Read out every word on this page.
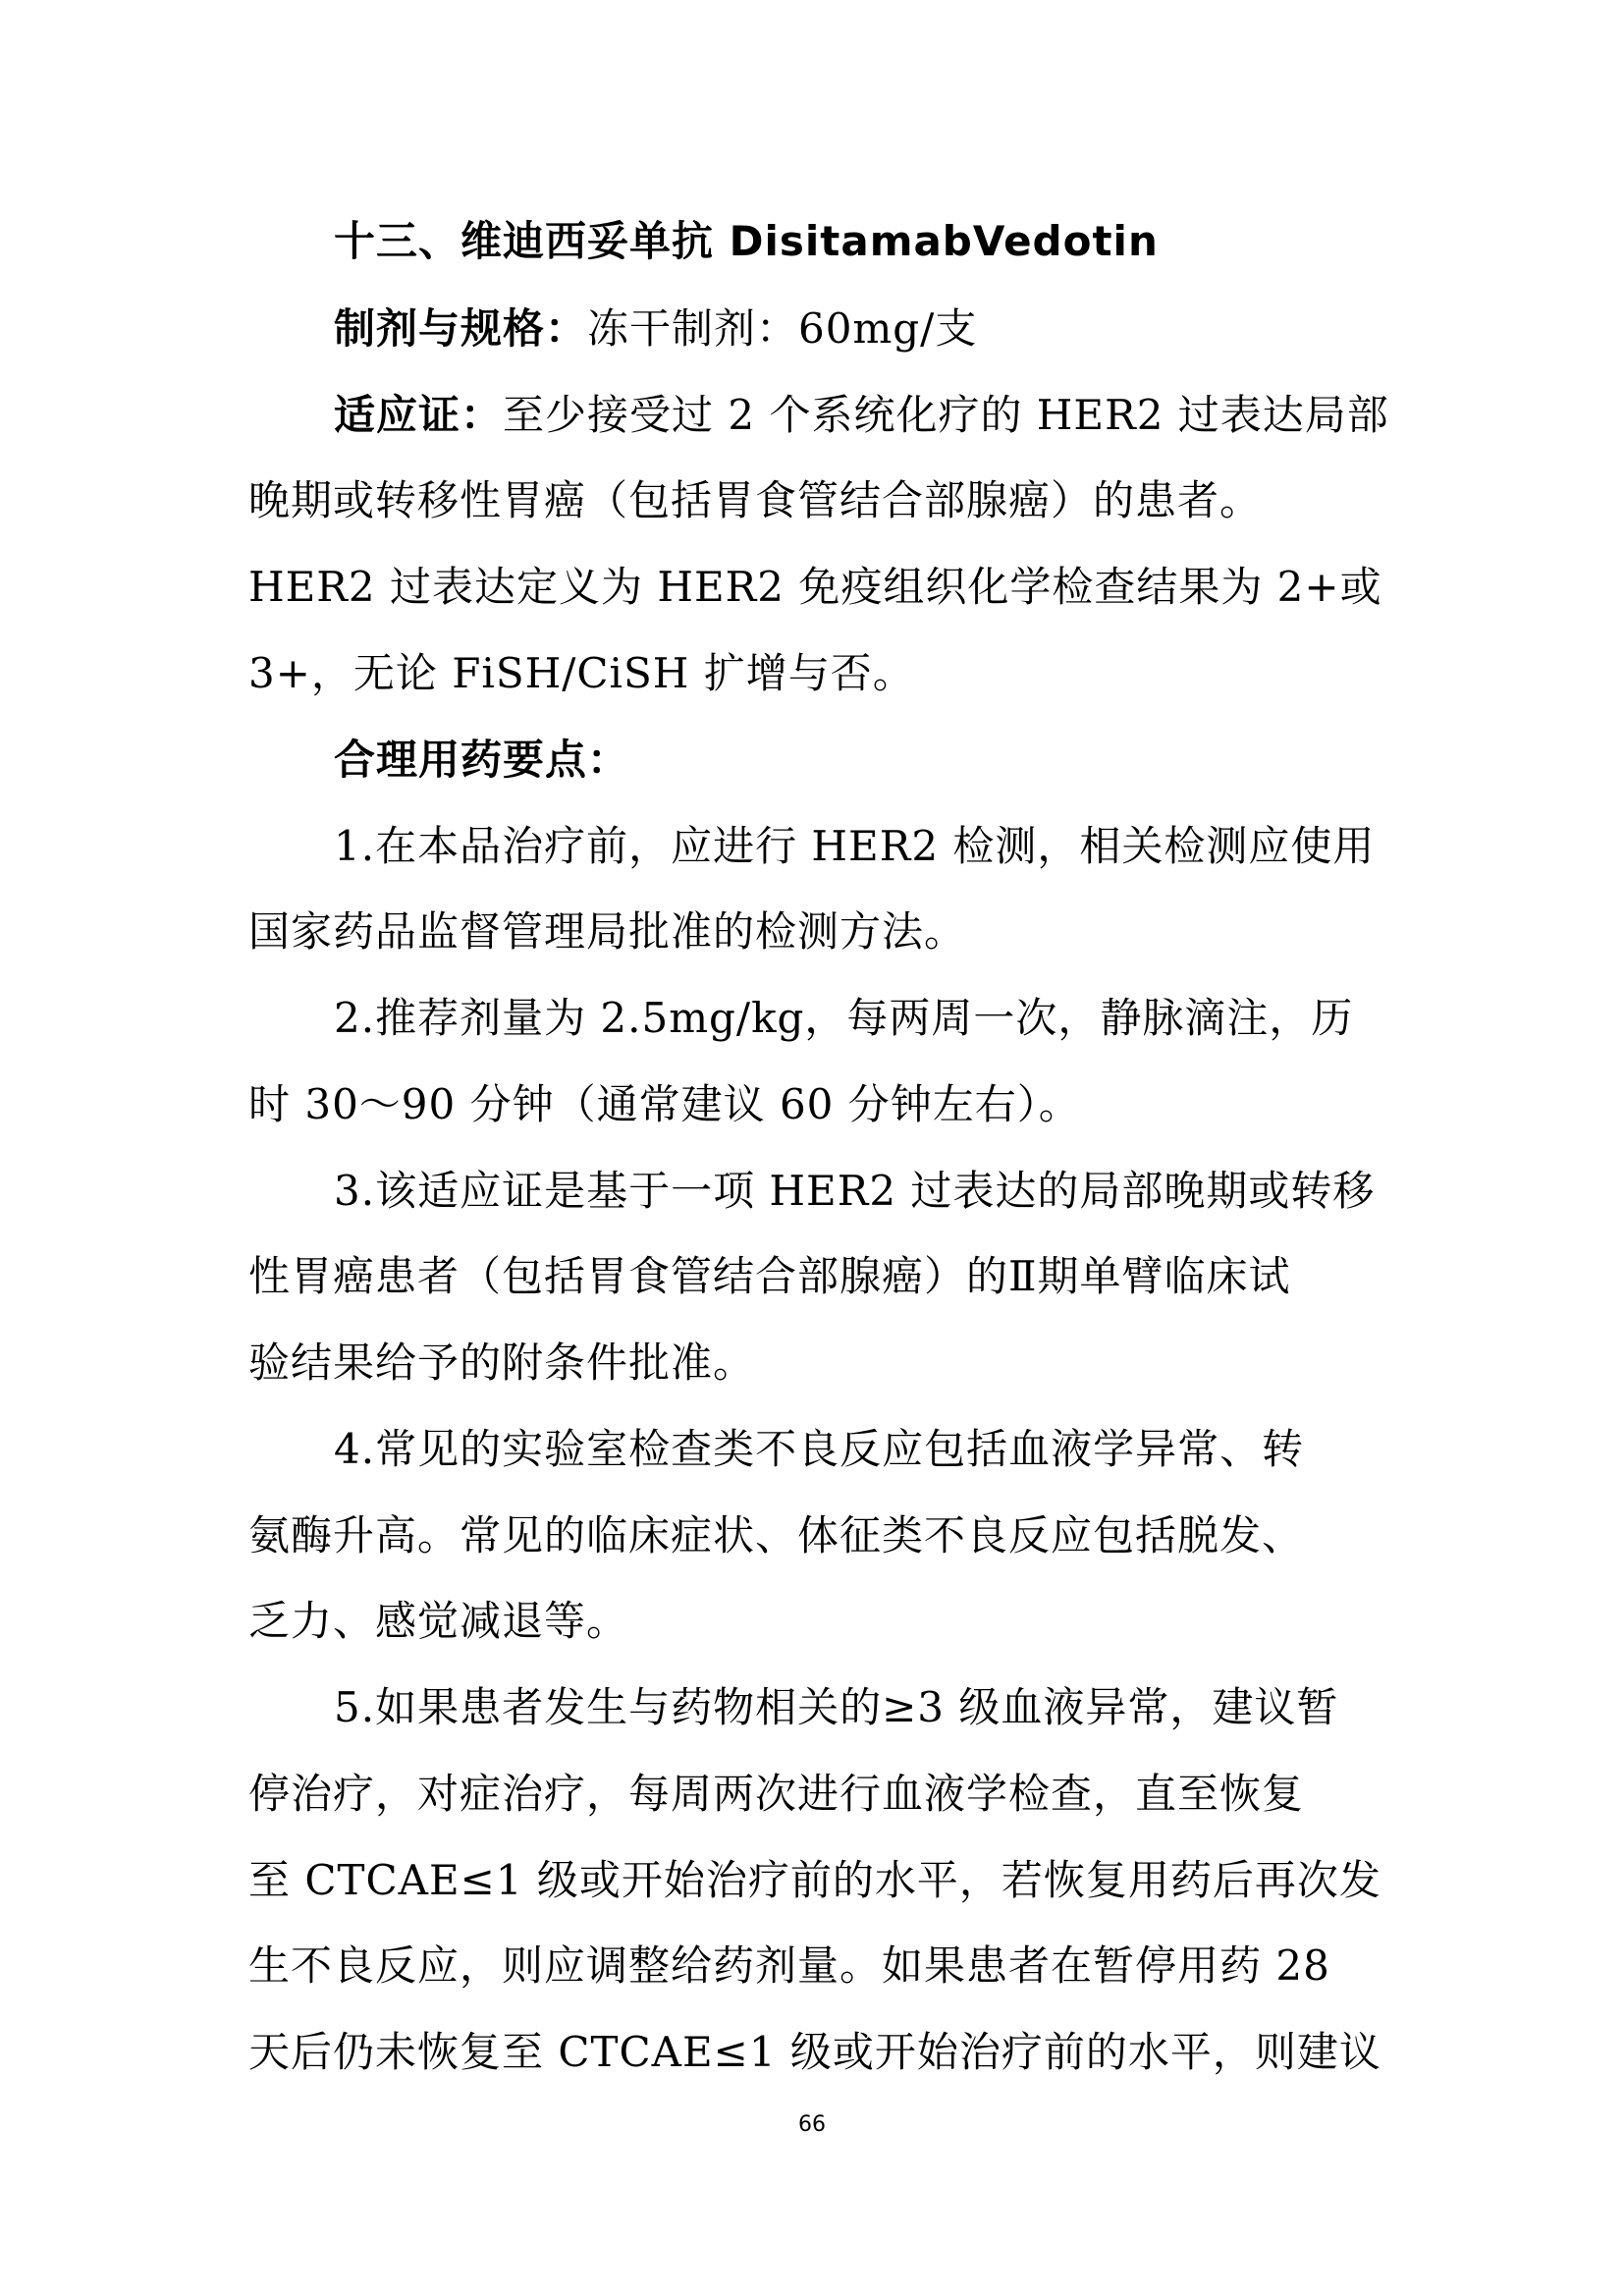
十三、维迪西妥单抗 DisitamabVedotin
制剂与规格：冻干制剂：60mg/支
适应证：至少接受过 2 个系统化疗的 HER2 过表达局部
晚期或转移性胃癌（包括胃食管结合部腺癌）的患者。
HER2 过表达定义为 HER2 免疫组织化学检查结果为 2+或
3+，无论 FiSH/CiSH 扩增与否。
合理用药要点：
1.在本品治疗前，应进行 HER2 检测，相关检测应使用
国家药品监督管理局批准的检测方法。
2.推荐剂量为 2.5mg/kg，每两周一次，静脉滴注，历
时 30～90 分钟（通常建议 60 分钟左右）。
3.该适应证是基于一项 HER2 过表达的局部晚期或转移
性胃癌患者（包括胃食管结合部腺癌）的Ⅱ期单臂临床试
验结果给予的附条件批准。
4.常见的实验室检查类不良反应包括血液学异常、转
氨酶升高。常见的临床症状、体征类不良反应包括脱发、
乏力、感觉减退等。
5.如果患者发生与药物相关的≥3 级血液异常，建议暂
停治疗，对症治疗，每周两次进行血液学检查，直至恢复
至 CTCAE≤1 级或开始治疗前的水平，若恢复用药后再次发
生不良反应，则应调整给药剂量。如果患者在暂停用药 28
天后仍未恢复至 CTCAE≤1 级或开始治疗前的水平，则建议
66
